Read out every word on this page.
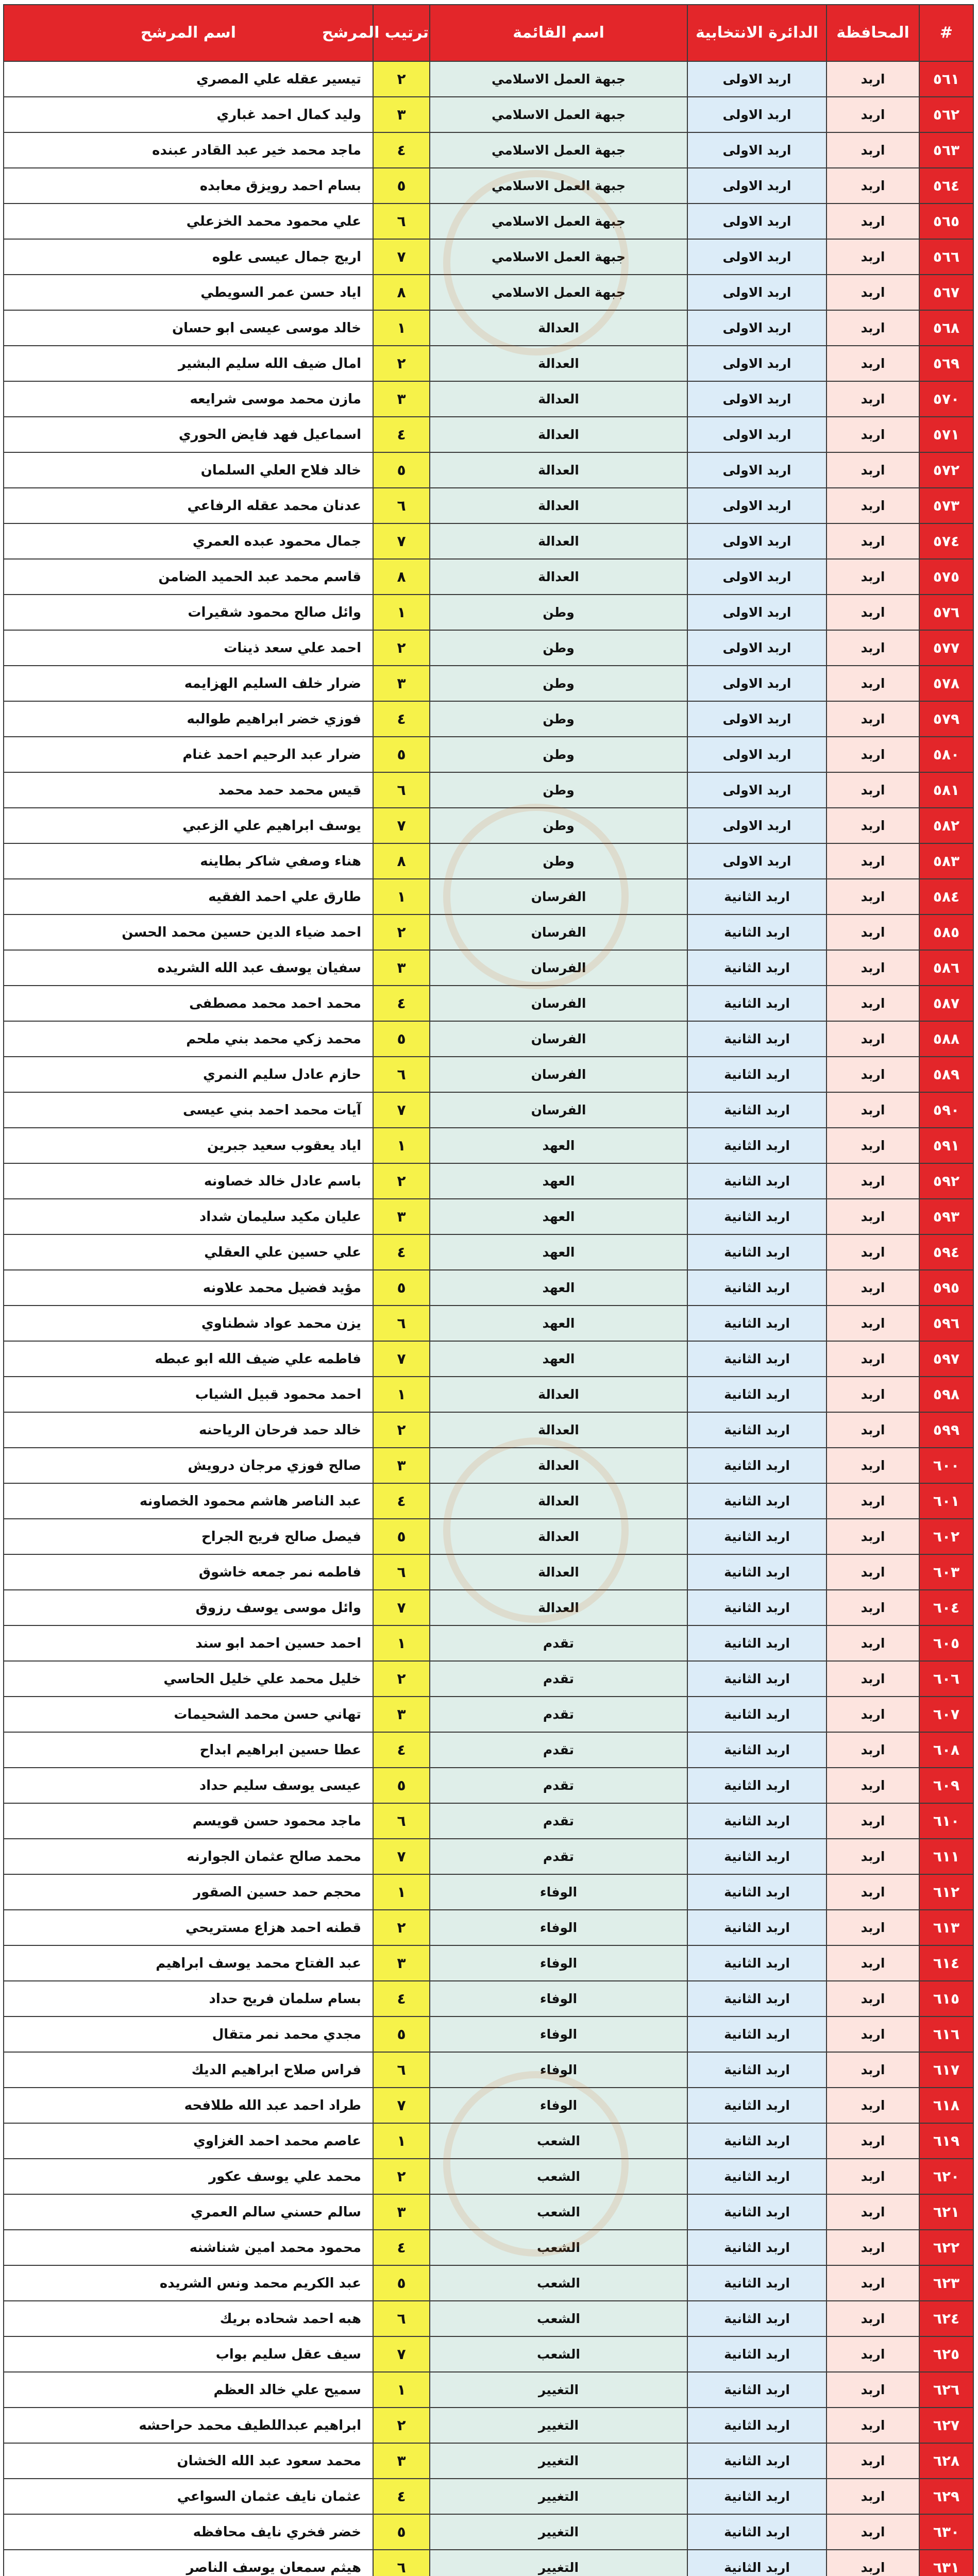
#	المحافظة	الدائرة الانتخابية	اسم القائمة	ترتيب المرشح	اسم المرشح
٥٦١	اربد	اربد الاولى	جبهة العمل الاسلامي	٢	تيسير عقله علي المصري
٥٦٢	اربد	اربد الاولى	جبهة العمل الاسلامي	٣	وليد كمال احمد غباري
٥٦٣	اربد	اربد الاولى	جبهة العمل الاسلامي	٤	ماجد محمد خير عبد القادر عبنده
٥٦٤	اربد	اربد الاولى	جبهة العمل الاسلامي	٥	بسام احمد رويزق معابده
٥٦٥	اربد	اربد الاولى	جبهة العمل الاسلامي	٦	علي محمود محمد الخزعلي
٥٦٦	اربد	اربد الاولى	جبهة العمل الاسلامي	٧	اريج جمال عيسى علوه
٥٦٧	اربد	اربد الاولى	جبهة العمل الاسلامي	٨	اياد حسن عمر السويطي
٥٦٨	اربد	اربد الاولى	العدالة	١	خالد موسى عيسى ابو حسان
٥٦٩	اربد	اربد الاولى	العدالة	٢	امال ضيف الله سليم البشير
٥٧٠	اربد	اربد الاولى	العدالة	٣	مازن محمد موسى شرايعه
٥٧١	اربد	اربد الاولى	العدالة	٤	اسماعيل فهد فايض الحوري
٥٧٢	اربد	اربد الاولى	العدالة	٥	خالد فلاح العلي السلمان
٥٧٣	اربد	اربد الاولى	العدالة	٦	عدنان محمد عقله الرفاعي
٥٧٤	اربد	اربد الاولى	العدالة	٧	جمال محمود عبده العمري
٥٧٥	اربد	اربد الاولى	العدالة	٨	قاسم محمد عبد الحميد الضامن
٥٧٦	اربد	اربد الاولى	وطن	١	وائل صالح محمود شقيرات
٥٧٧	اربد	اربد الاولى	وطن	٢	احمد علي سعد ذينات
٥٧٨	اربد	اربد الاولى	وطن	٣	ضرار خلف السليم الهزايمه
٥٧٩	اربد	اربد الاولى	وطن	٤	فوزي خضر ابراهيم طوالبه
٥٨٠	اربد	اربد الاولى	وطن	٥	ضرار عبد الرحيم احمد غنام
٥٨١	اربد	اربد الاولى	وطن	٦	قيس محمد حمد محمد
٥٨٢	اربد	اربد الاولى	وطن	٧	يوسف ابراهيم علي الزعبي
٥٨٣	اربد	اربد الاولى	وطن	٨	هناء وصفي شاكر بطاينه
٥٨٤	اربد	اربد الثانية	الفرسان	١	طارق علي احمد الفقيه
٥٨٥	اربد	اربد الثانية	الفرسان	٢	احمد ضياء الدين حسين محمد الحسن
٥٨٦	اربد	اربد الثانية	الفرسان	٣	سفيان يوسف عبد الله الشريده
٥٨٧	اربد	اربد الثانية	الفرسان	٤	محمد احمد محمد مصطفى
٥٨٨	اربد	اربد الثانية	الفرسان	٥	محمد زكي محمد بني ملحم
٥٨٩	اربد	اربد الثانية	الفرسان	٦	حازم عادل سليم النمري
٥٩٠	اربد	اربد الثانية	الفرسان	٧	آيات محمد احمد بني عيسى
٥٩١	اربد	اربد الثانية	العهد	١	اياد يعقوب سعيد جبرين
٥٩٢	اربد	اربد الثانية	العهد	٢	باسم عادل خالد خصاونه
٥٩٣	اربد	اربد الثانية	العهد	٣	عليان مكيد سليمان شداد
٥٩٤	اربد	اربد الثانية	العهد	٤	علي حسين علي العقلي
٥٩٥	اربد	اربد الثانية	العهد	٥	مؤيد فضيل محمد علاونه
٥٩٦	اربد	اربد الثانية	العهد	٦	يزن محمد عواد شطناوي
٥٩٧	اربد	اربد الثانية	العهد	٧	فاطمه علي ضيف الله ابو عبطه
٥٩٨	اربد	اربد الثانية	العدالة	١	احمد محمود قبيل الشياب
٥٩٩	اربد	اربد الثانية	العدالة	٢	خالد حمد فرحان الرياحنه
٦٠٠	اربد	اربد الثانية	العدالة	٣	صالح فوزي مرجان درويش
٦٠١	اربد	اربد الثانية	العدالة	٤	عبد الناصر هاشم محمود الخصاونه
٦٠٢	اربد	اربد الثانية	العدالة	٥	فيصل صالح فريح الجراح
٦٠٣	اربد	اربد الثانية	العدالة	٦	فاطمه نمر جمعه خاشوق
٦٠٤	اربد	اربد الثانية	العدالة	٧	وائل موسى يوسف رزوق
٦٠٥	اربد	اربد الثانية	تقدم	١	احمد حسين احمد ابو سند
٦٠٦	اربد	اربد الثانية	تقدم	٢	خليل محمد علي خليل الحاسي
٦٠٧	اربد	اربد الثانية	تقدم	٣	تهاني حسن محمد الشحيمات
٦٠٨	اربد	اربد الثانية	تقدم	٤	عطا حسين ابراهيم ابداح
٦٠٩	اربد	اربد الثانية	تقدم	٥	عيسى يوسف سليم حداد
٦١٠	اربد	اربد الثانية	تقدم	٦	ماجد محمود حسن قويسم
٦١١	اربد	اربد الثانية	تقدم	٧	محمد صالح عثمان الجوارنه
٦١٢	اربد	اربد الثانية	الوفاء	١	محجم حمد حسين الصقور
٦١٣	اربد	اربد الثانية	الوفاء	٢	قطنه احمد هزاع مستريحي
٦١٤	اربد	اربد الثانية	الوفاء	٣	عبد الفتاح محمد يوسف ابراهيم
٦١٥	اربد	اربد الثانية	الوفاء	٤	بسام سلمان فريح حداد
٦١٦	اربد	اربد الثانية	الوفاء	٥	مجدي محمد نمر متقال
٦١٧	اربد	اربد الثانية	الوفاء	٦	فراس صلاح ابراهيم الديك
٦١٨	اربد	اربد الثانية	الوفاء	٧	طراد احمد عبد الله طلافحه
٦١٩	اربد	اربد الثانية	الشعب	١	عاصم محمد احمد الغزاوي
٦٢٠	اربد	اربد الثانية	الشعب	٢	محمد علي يوسف عكور
٦٢١	اربد	اربد الثانية	الشعب	٣	سالم حسني سالم العمري
٦٢٢	اربد	اربد الثانية	الشعب	٤	محمود محمد امين شناشنه
٦٢٣	اربد	اربد الثانية	الشعب	٥	عبد الكريم محمد ونس الشريده
٦٢٤	اربد	اربد الثانية	الشعب	٦	هبه احمد شحاده بريك
٦٢٥	اربد	اربد الثانية	الشعب	٧	سيف عقل سليم بواب
٦٢٦	اربد	اربد الثانية	التغيير	١	سميح علي خالد العظم
٦٢٧	اربد	اربد الثانية	التغيير	٢	ابراهيم عبداللطيف محمد حراحشه
٦٢٨	اربد	اربد الثانية	التغيير	٣	محمد سعود عبد الله الخشان
٦٢٩	اربد	اربد الثانية	التغيير	٤	عثمان نايف عثمان السواعي
٦٣٠	اربد	اربد الثانية	التغيير	٥	خضر فخري نايف محافظه
٦٣١	اربد	اربد الثانية	التغيير	٦	هيثم سمعان يوسف الناصر
